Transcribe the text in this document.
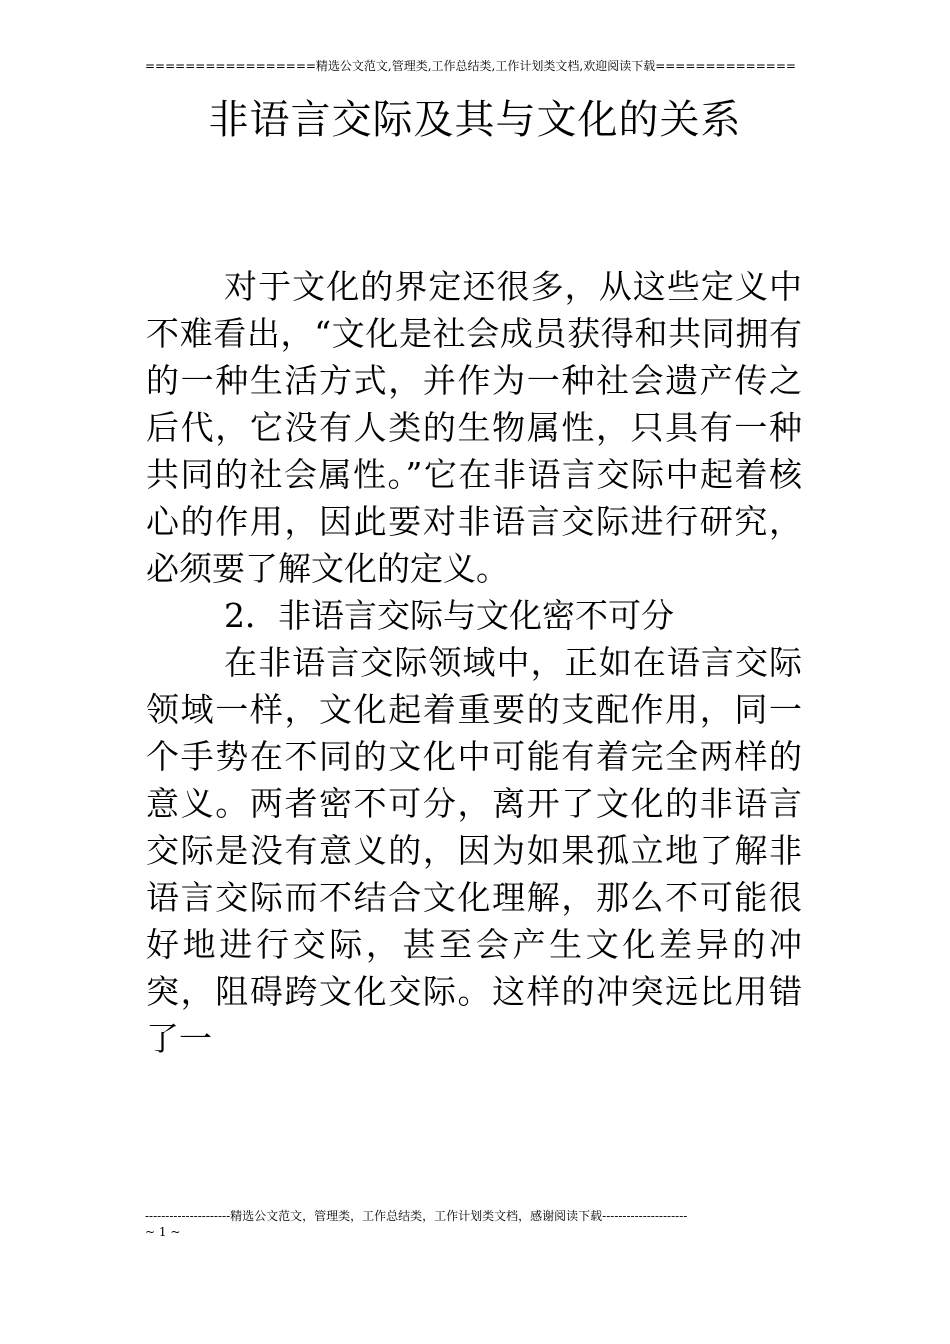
=================精选公文范文,管理类,工作总结类,工作计划类文档,欢迎阅读下载==============
非语言交际及其与文化的关系

对于文化的界定还很多，从这些定义中不难看出，“文化是社会成员获得和共同拥有的一种生活方式，并作为一种社会遗产传之后代，它没有人类的生物属性，只具有一种共同的社会属性。”它在非语言交际中起着核心的作用，因此要对非语言交际进行研究，必须要了解文化的定义。

2．非语言交际与文化密不可分

在非语言交际领域中，正如在语言交际领域一样，文化起着重要的支配作用，同一个手势在不同的文化中可能有着完全两样的意义。两者密不可分，离开了文化的非语言交际是没有意义的，因为如果孤立地了解非语言交际而不结合文化理解，那么不可能很好地进行交际，甚至会产生文化差异的冲突，阻碍跨文化交际。这样的冲突远比用错了一

---------------------精选公文范文，管理类，工作总结类，工作计划类文档，感谢阅读下载---------------------
~ 1 ~
